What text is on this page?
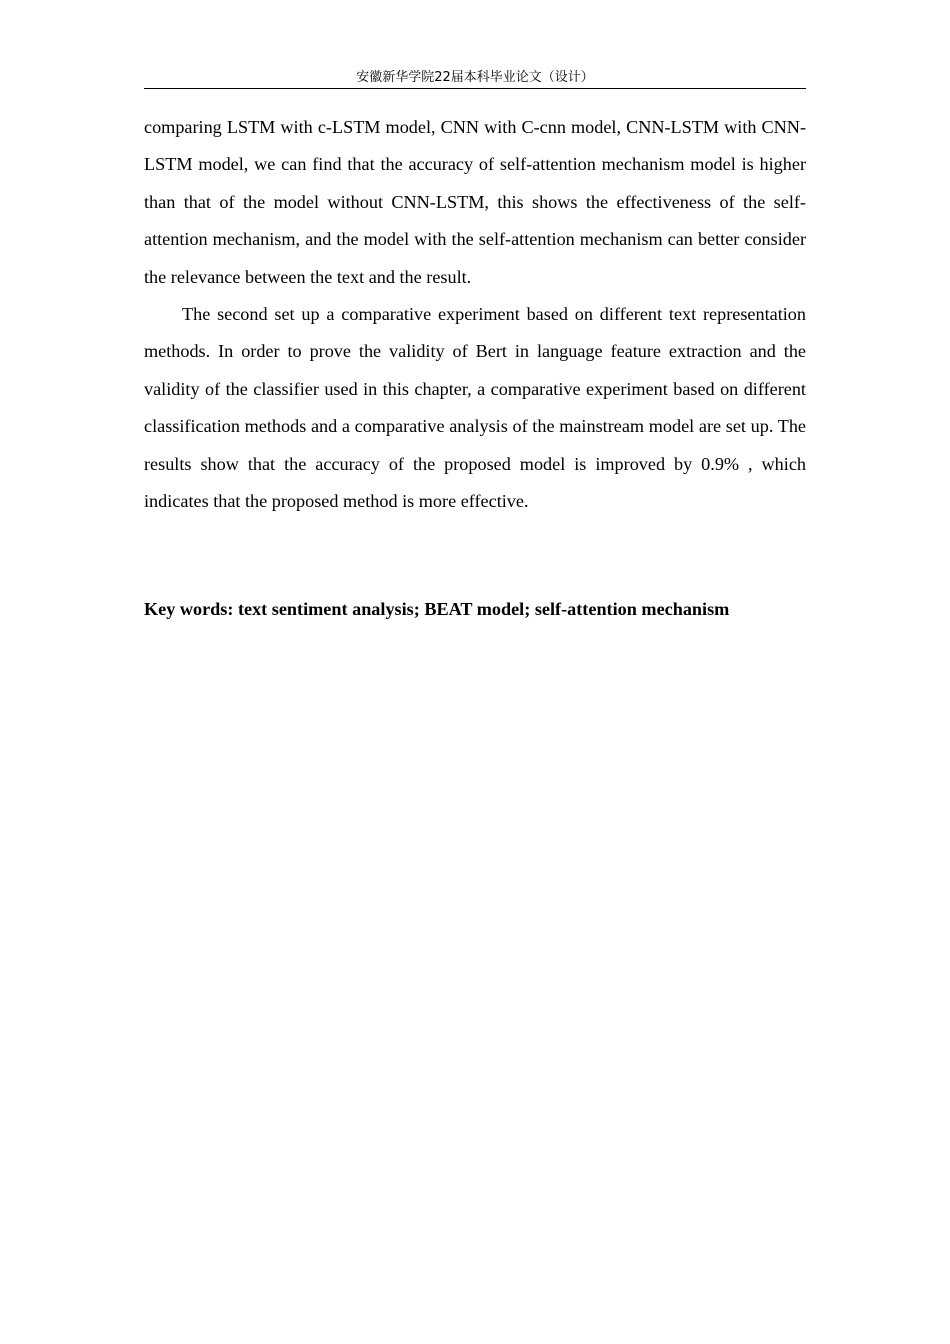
安徽新华学院22届本科毕业论文（设计）

comparing LSTM with c-LSTM model, CNN with C-cnn model, CNN-LSTM with CNN-LSTM model, we can find that the accuracy of self-attention mechanism model is higher than that of the model without CNN-LSTM, this shows the effectiveness of the self-attention mechanism, and the model with the self-attention mechanism can better consider the relevance between the text and the result.

The second set up a comparative experiment based on different text representation methods. In order to prove the validity of Bert in language feature extraction and the validity of the classifier used in this chapter, a comparative experiment based on different classification methods and a comparative analysis of the mainstream model are set up. The results show that the accuracy of the proposed model is improved by 0.9% , which indicates that the proposed method is more effective.

Key words: text sentiment analysis; BEAT model; self-attention mechanism
